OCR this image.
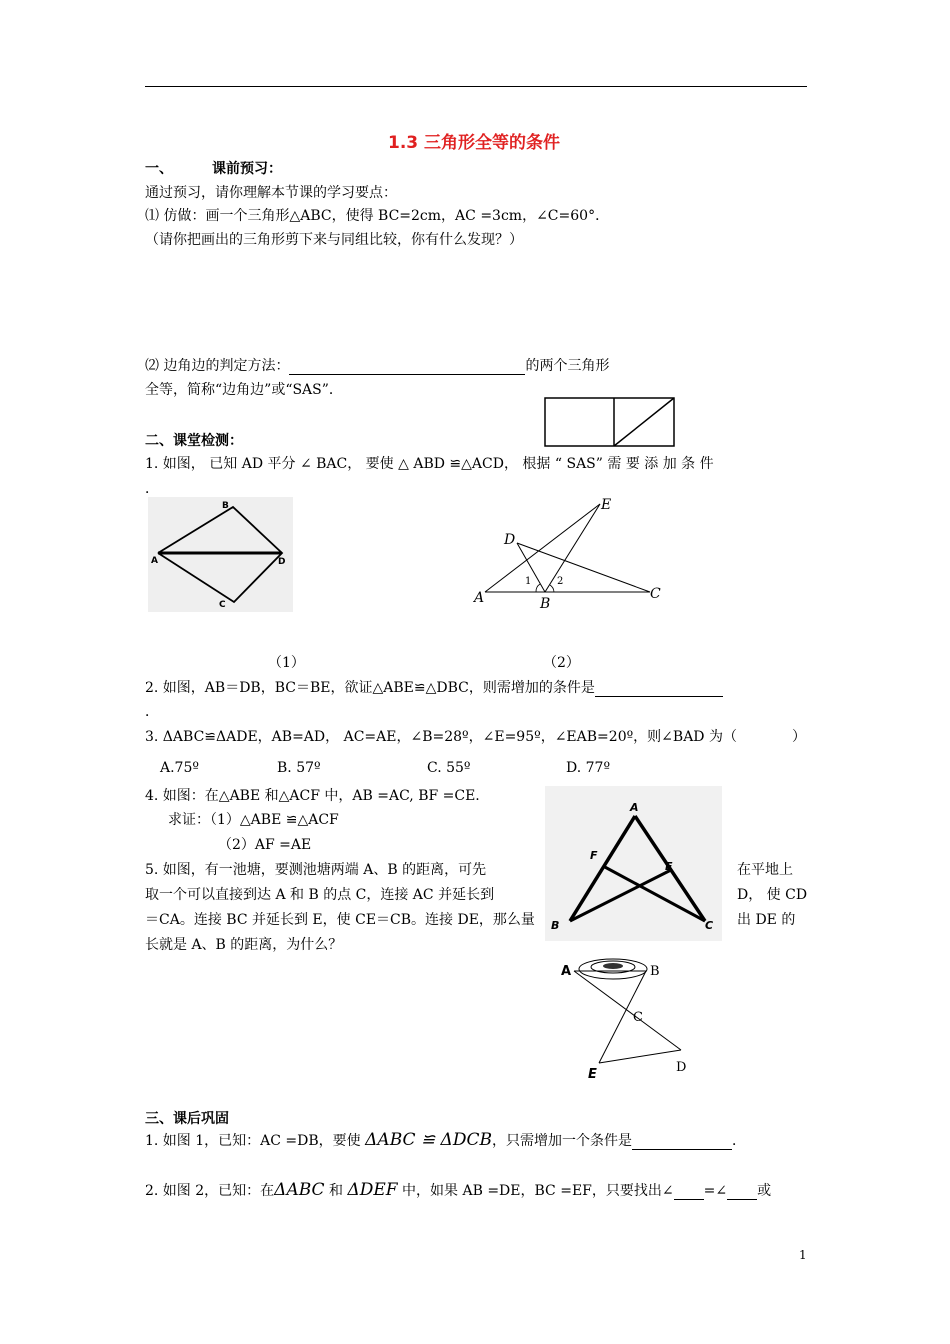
1.3 三角形全等的条件
一、	课前预习：
通过预习，请你理解本节课的学习要点：
⑴ 仿做：画一个三角形△ABC，使得 BC=2cm，AC =3cm，∠C=60°．
（请你把画出的三角形剪下来与同组比较，你有什么发现？）
⑵ 边角边的判定方法：	的两个三角形
全等，简称“边角边”或“SAS”．
二、课堂检测：
1. 如图， 已知 AD 平分 ∠ BAC， 要使 △ ABD ≌△ACD， 根据 “ SAS” 需 要 添 加 条 件
．
B
A	D
C
E
D
A	B
C
1	2
（1）	（2）
2. 如图，AB＝DB，BC＝BE，欲证△ABE≌△DBC，则需增加的条件是
．
3. ΔABC≌ΔADE，AB=AD， AC=AE，∠B=28º，∠E=95º，∠EAB=20º，则∠BAD 为（	）
A.75º	B. 57º	C. 55º	D. 77º
4. 如图：在△ABE 和△ACF 中，AB =AC, BF =CE.
求证：（1）△ABE ≌△ACF
（2）AF =AE
A
F
E
B	C
5. 如图，有一池塘，要测池塘两端 A、B 的距离，可先	在平地上
取一个可以直接到达 A 和 B 的点 C，连接 AC 并延长到	D， 使 CD
＝CA。连接 BC 并延长到 E，使 CE＝CB。连接 DE，那么量	出 DE 的
长就是 A、B 的距离，为什么？
A	B
C
D
E
三、课后巩固
1. 如图 1，已知：AC =DB，要使 ΔABC ≌ ΔDCB，只需增加一个条件是	．
2. 如图 2，已知：在ΔABC 和 ΔDEF 中，如果 AB =DE，BC =EF，只要找出∠ =∠ 或
1
